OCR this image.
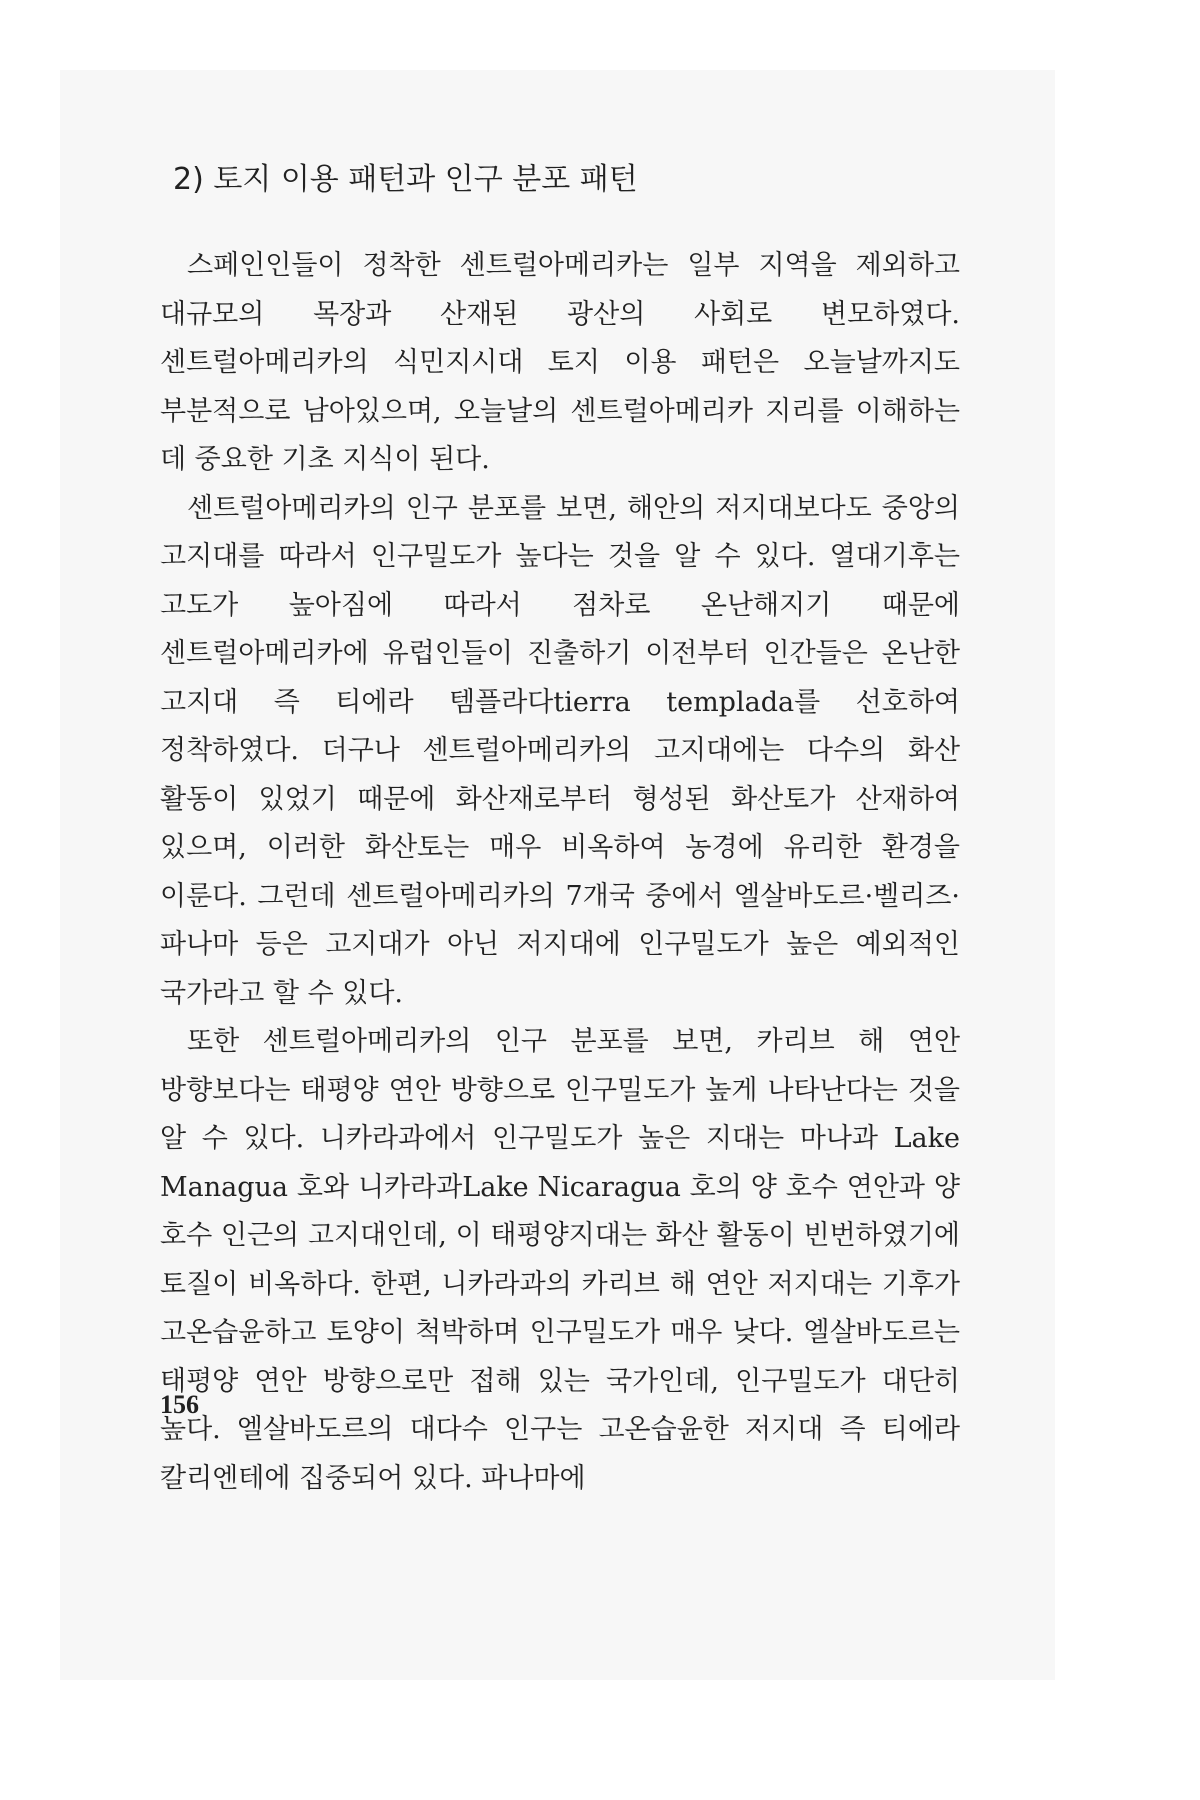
2) 토지 이용 패턴과 인구 분포 패턴

스페인인들이 정착한 센트럴아메리카는 일부 지역을 제외하고 대규모의 목장과 산재된 광산의 사회로 변모하였다. 센트럴아메리카의 식민지시대 토지 이용 패턴은 오늘날까지도 부분적으로 남아있으며, 오늘날의 센트럴아메리카 지리를 이해하는 데 중요한 기초 지식이 된다.

센트럴아메리카의 인구 분포를 보면, 해안의 저지대보다도 중앙의 고지대를 따라서 인구밀도가 높다는 것을 알 수 있다. 열대기후는 고도가 높아짐에 따라서 점차로 온난해지기 때문에 센트럴아메리카에 유럽인들이 진출하기 이전부터 인간들은 온난한 고지대 즉 티에라 템플라다tierra templada를 선호하여 정착하였다. 더구나 센트럴아메리카의 고지대에는 다수의 화산 활동이 있었기 때문에 화산재로부터 형성된 화산토가 산재하여 있으며, 이러한 화산토는 매우 비옥하여 농경에 유리한 환경을 이룬다. 그런데 센트럴아메리카의 7개국 중에서 엘살바도르·벨리즈·파나마 등은 고지대가 아닌 저지대에 인구밀도가 높은 예외적인 국가라고 할 수 있다.

또한 센트럴아메리카의 인구 분포를 보면, 카리브 해 연안 방향보다는 태평양 연안 방향으로 인구밀도가 높게 나타난다는 것을 알 수 있다. 니카라과에서 인구밀도가 높은 지대는 마나과 Lake Managua 호와 니카라과Lake Nicaragua 호의 양 호수 연안과 양 호수 인근의 고지대인데, 이 태평양지대는 화산 활동이 빈번하였기에 토질이 비옥하다. 한편, 니카라과의 카리브 해 연안 저지대는 기후가 고온습윤하고 토양이 척박하며 인구밀도가 매우 낮다. 엘살바도르는 태평양 연안 방향으로만 접해 있는 국가인데, 인구밀도가 대단히 높다. 엘살바도르의 대다수 인구는 고온습윤한 저지대 즉 티에라 칼리엔테에 집중되어 있다. 파나마에

156
